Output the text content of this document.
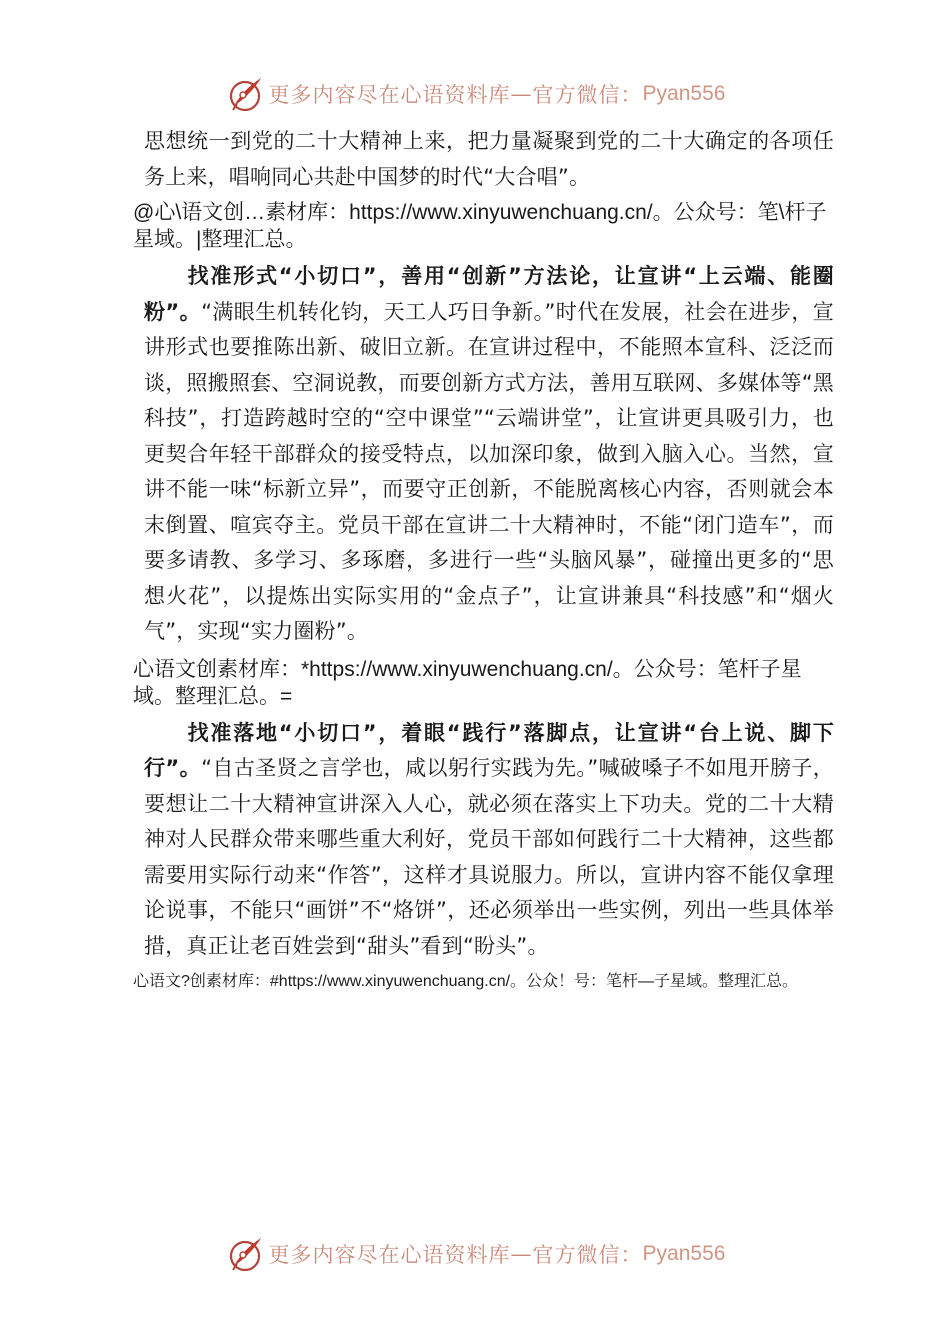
更多内容尽在心语资料库 — 官方微信： Pyan556

思想统一到党的二十大精神上来，把力量凝聚到党的二十大确定的各项任务上来，唱响同心共赴中国梦的时代“大合唱”。

@心\语文创…素材库：https://www.xinyuwenchuang.cn/。公众号：笔\杆子星域。|整理汇总。

找准形式“小切口”，善用“创新”方法论，让宣讲“上云端、能圈粉”。“满眼生机转化钧，天工人巧日争新。”时代在发展，社会在进步，宣讲形式也要推陈出新、破旧立新。在宣讲过程中，不能照本宣科、泛泛而谈，照搬照套、空洞说教，而要创新方式方法，善用互联网、多媒体等“黑科技”，打造跨越时空的“空中课堂”“云端讲堂”，让宣讲更具吸引力，也更契合年轻干部群众的接受特点，以加深印象，做到入脑入心。当然，宣讲不能一味“标新立异”，而要守正创新，不能脱离核心内容，否则就会本末倒置、喧宾夺主。党员干部在宣讲二十大精神时，不能“闭门造车”，而要多请教、多学习、多琢磨，多进行一些“头脑风暴”，碰撞出更多的“思想火花”，以提炼出实际实用的“金点子”，让宣讲兼具“科技感”和“烟火气”，实现“实力圈粉”。

心语文创素材库：*https://www.xinyuwenchuang.cn/。公众号：笔杆子星域。整理汇总。=

找准落地“小切口”，着眼“践行”落脚点，让宣讲“台上说、脚下行”。“自古圣贤之言学也，咸以躬行实践为先。”喊破嗓子不如甩开膀子，要想让二十大精神宣讲深入人心，就必须在落实上下功夫。党的二十大精神对人民群众带来哪些重大利好，党员干部如何践行二十大精神，这些都需要用实际行动来“作答”，这样才具说服力。所以，宣讲内容不能仅拿理论说事，不能只“画饼”不“烙饼”，还必须举出一些实例，列出一些具体举措，真正让老百姓尝到“甜头”看到“盼头”。

心语文?创素材库：#https://www.xinyuwenchuang.cn/。公众！号：笔杆—子星域。整理汇总。

更多内容尽在心语资料库 — 官方微信： Pyan556
